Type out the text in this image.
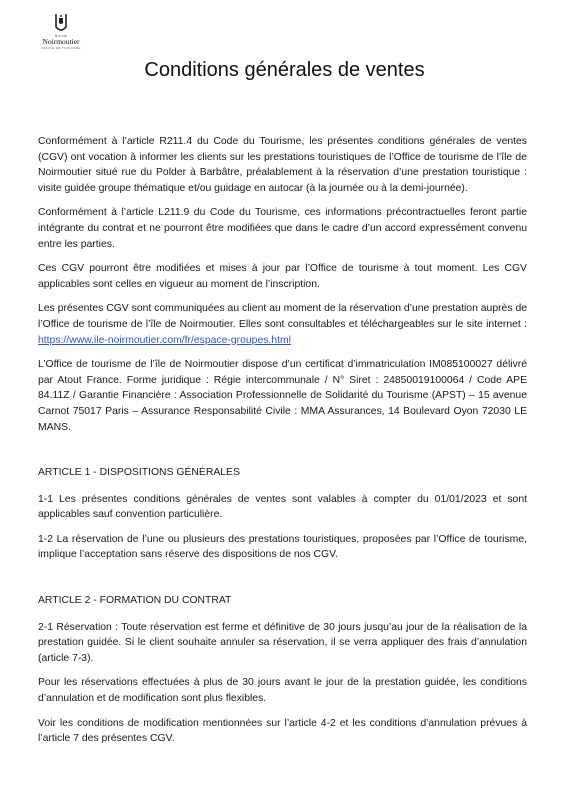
ÎLE DE
Noirmoutier
OFFICE DE TOURISME
Conditions générales de ventes

Conformément à l’article R211.4 du Code du Tourisme, les présentes conditions générales de ventes (CGV) ont vocation à informer les clients sur les prestations touristiques de l’Office de tourisme de l’île de Noirmoutier situé rue du Polder à Barbâtre, préalablement à la réservation d’une prestation touristique : visite guidée groupe thématique et/ou guidage en autocar (à la journée ou à la demi-journée).

Conformément à l’article L211.9 du Code du Tourisme, ces informations précontractuelles feront partie intégrante du contrat et ne pourront être modifiées que dans le cadre d’un accord expressément convenu entre les parties.

Ces CGV pourront être modifiées et mises à jour par l’Office de tourisme à tout moment. Les CGV applicables sont celles en vigueur au moment de l’inscription.

Les présentes CGV sont communiquées au client au moment de la réservation d’une prestation auprès de l’Office de tourisme de l’île de Noirmoutier. Elles sont consultables et téléchargeables sur le site internet : https://www.ile-noirmoutier.com/fr/espace-groupes.html

L’Office de tourisme de l’île de Noirmoutier dispose d’un certificat d’immatriculation IM085100027 délivré par Atout France. Forme juridique : Régie intercommunale / N° Siret : 24850019100064 / Code APE 84.11Z / Garantie Financière : Association Professionnelle de Solidarité du Tourisme (APST) – 15 avenue Carnot 75017 Paris – Assurance Responsabilité Civile : MMA Assurances, 14 Boulevard Oyon 72030 LE MANS.

ARTICLE 1 - DISPOSITIONS GÉNÉRALES

1-1 Les présentes conditions générales de ventes sont valables à compter du 01/01/2023 et sont applicables sauf convention particulière.

1-2 La réservation de l’une ou plusieurs des prestations touristiques, proposées par l’Office de tourisme, implique l’acceptation sans réserve des dispositions de nos CGV.

ARTICLE 2 - FORMATION DU CONTRAT

2-1 Réservation : Toute réservation est ferme et définitive de 30 jours jusqu’au jour de la réalisation de la prestation guidée. Si le client souhaite annuler sa réservation, il se verra appliquer des frais d’annulation (article 7-3).

Pour les réservations effectuées à plus de 30 jours avant le jour de la prestation guidée, les conditions d’annulation et de modification sont plus flexibles.

Voir les conditions de modification mentionnées sur l’article 4-2 et les conditions d’annulation prévues à l’article 7 des présentes CGV.
